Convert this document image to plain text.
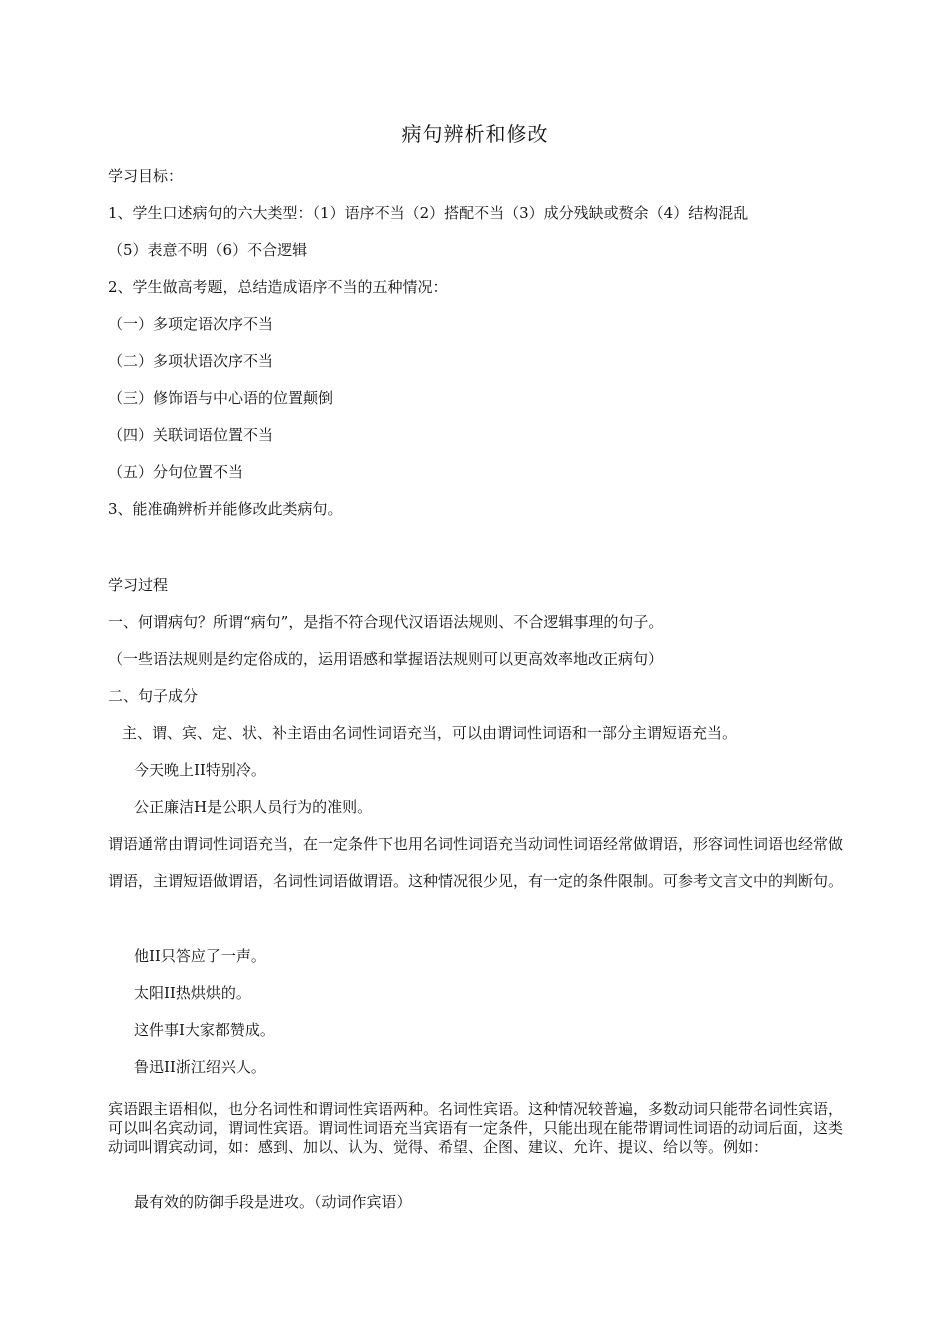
病句辨析和修改
学习目标：
1、学生口述病句的六大类型：（1）语序不当（2）搭配不当（3）成分残缺或赘余（4）结构混乱
（5）表意不明（6）不合逻辑
2、学生做高考题，总结造成语序不当的五种情况：
（一）多项定语次序不当
（二）多项状语次序不当
（三）修饰语与中心语的位置颠倒
（四）关联词语位置不当
（五）分句位置不当
3、能准确辨析并能修改此类病句。
学习过程
一、何谓病句？所谓“病句”，是指不符合现代汉语语法规则、不合逻辑事理的句子。
（一些语法规则是约定俗成的，运用语感和掌握语法规则可以更高效率地改正病句）
二、句子成分
主、谓、宾、定、状、补主语由名词性词语充当，可以由谓词性词语和一部分主谓短语充当。
今天晚上II特别冷。
公正廉洁H是公职人员行为的准则。
谓语通常由谓词性词语充当，在一定条件下也用名词性词语充当动词性词语经常做谓语，形容词性词语也经常做谓语，主谓短语做谓语，名词性词语做谓语。这种情况很少见，有一定的条件限制。可参考文言文中的判断句。
他II只答应了一声。
太阳II热烘烘的。
这件事I大家都赞成。
鲁迅II浙江绍兴人。
宾语跟主语相似，也分名词性和谓词性宾语两种。名词性宾语。这种情况较普遍，多数动词只能带名词性宾语，可以叫名宾动词，谓词性宾语。谓词性词语充当宾语有一定条件，只能出现在能带谓词性词语的动词后面，这类动词叫谓宾动词，如：感到、加以、认为、觉得、希望、企图、建议、允许、提议、给以等。例如：
最有效的防御手段是进攻。（动词作宾语）
